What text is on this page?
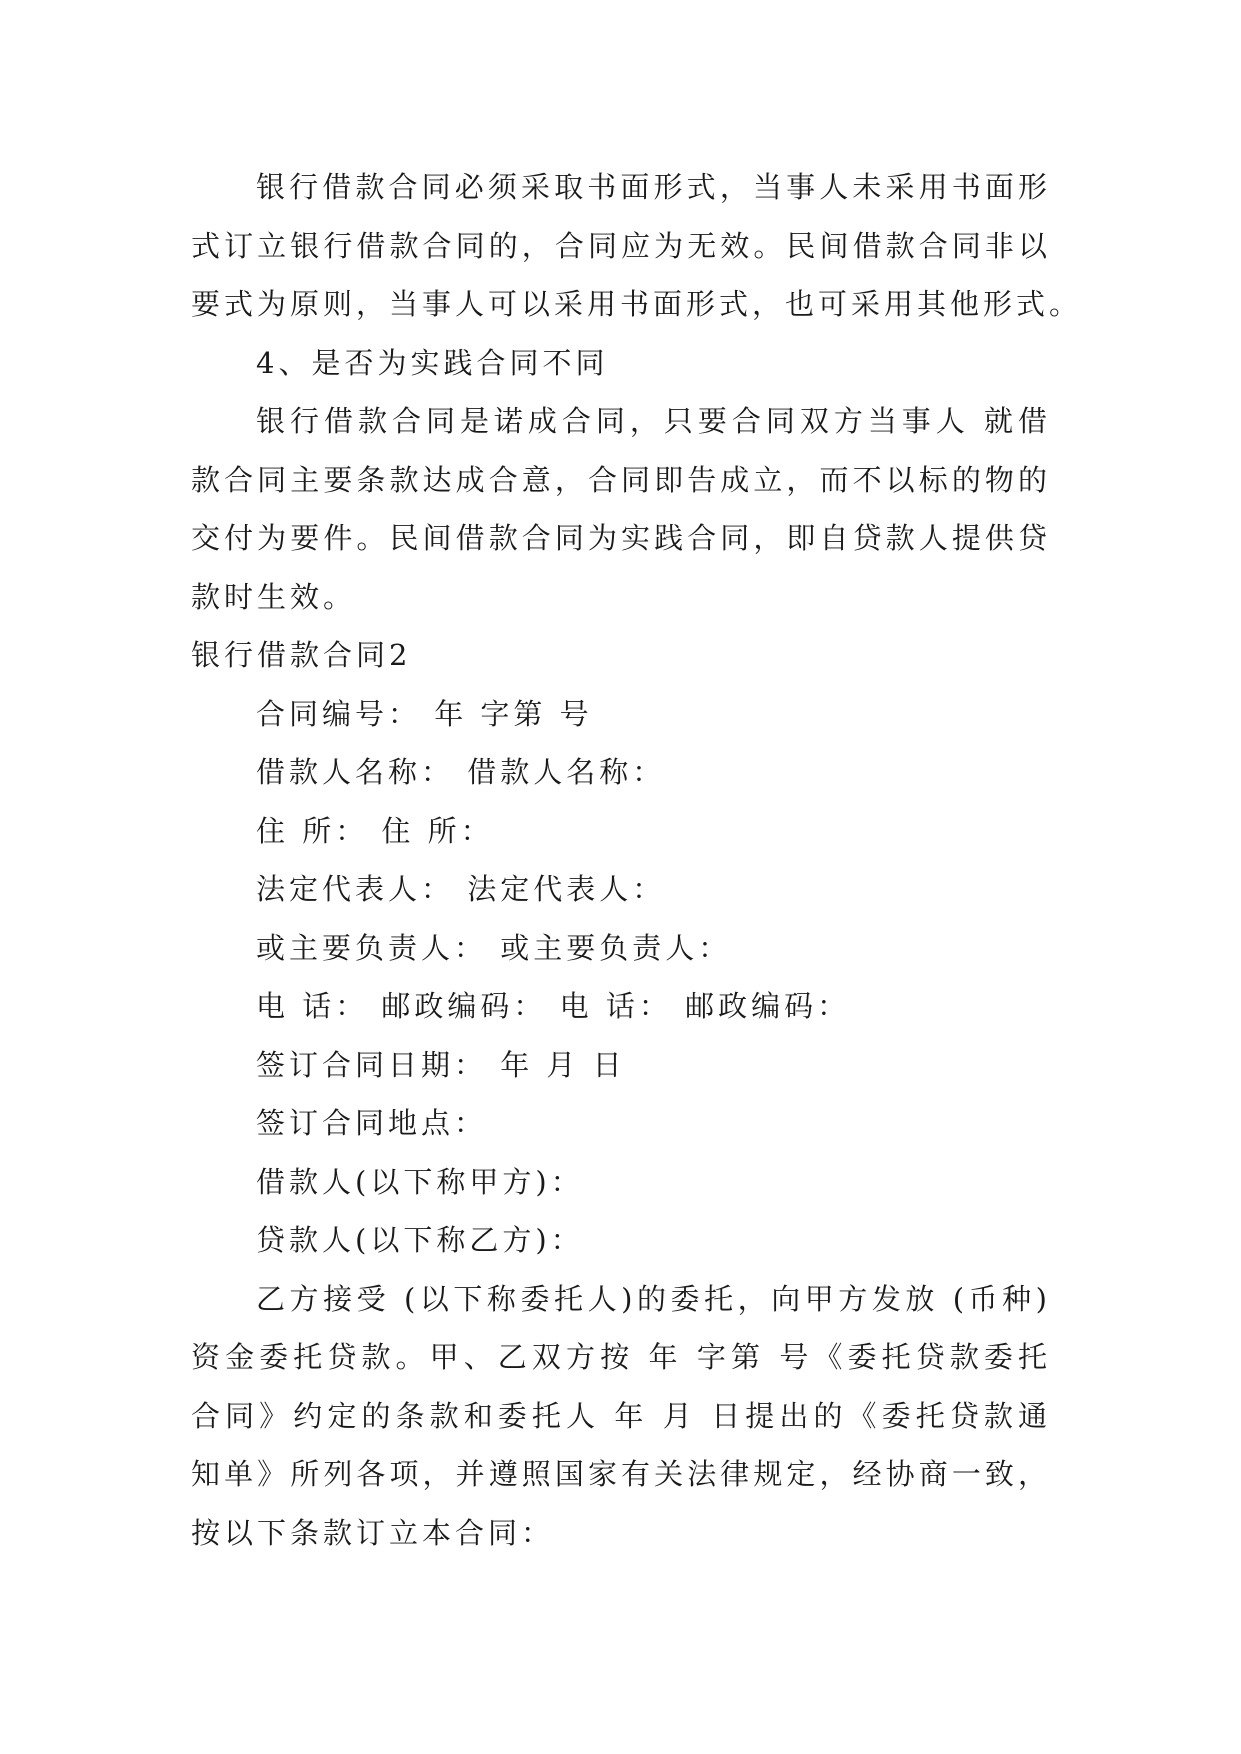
银行借款合同必须采取书面形式，当事人未采用书面形
式订立银行借款合同的，合同应为无效。民间借款合同非以
要式为原则，当事人可以采用书面形式，也可采用其他形式。
4、是否为实践合同不同
银行借款合同是诺成合同，只要合同双方当事人 就借
款合同主要条款达成合意，合同即告成立，而不以标的物的
交付为要件。民间借款合同为实践合同，即自贷款人提供贷
款时生效。
银行借款合同2
合同编号： 年 字第 号
借款人名称： 借款人名称：
住 所： 住 所：
法定代表人： 法定代表人：
或主要负责人： 或主要负责人：
电 话： 邮政编码： 电 话： 邮政编码：
签订合同日期： 年 月 日
签订合同地点：
借款人(以下称甲方)：
贷款人(以下称乙方)：
乙方接受 (以下称委托人)的委托，向甲方发放 (币种)
资金委托贷款。甲、乙双方按 年 字第 号《委托贷款委托
合同》约定的条款和委托人 年 月 日提出的《委托贷款通
知单》所列各项，并遵照国家有关法律规定，经协商一致，
按以下条款订立本合同：
